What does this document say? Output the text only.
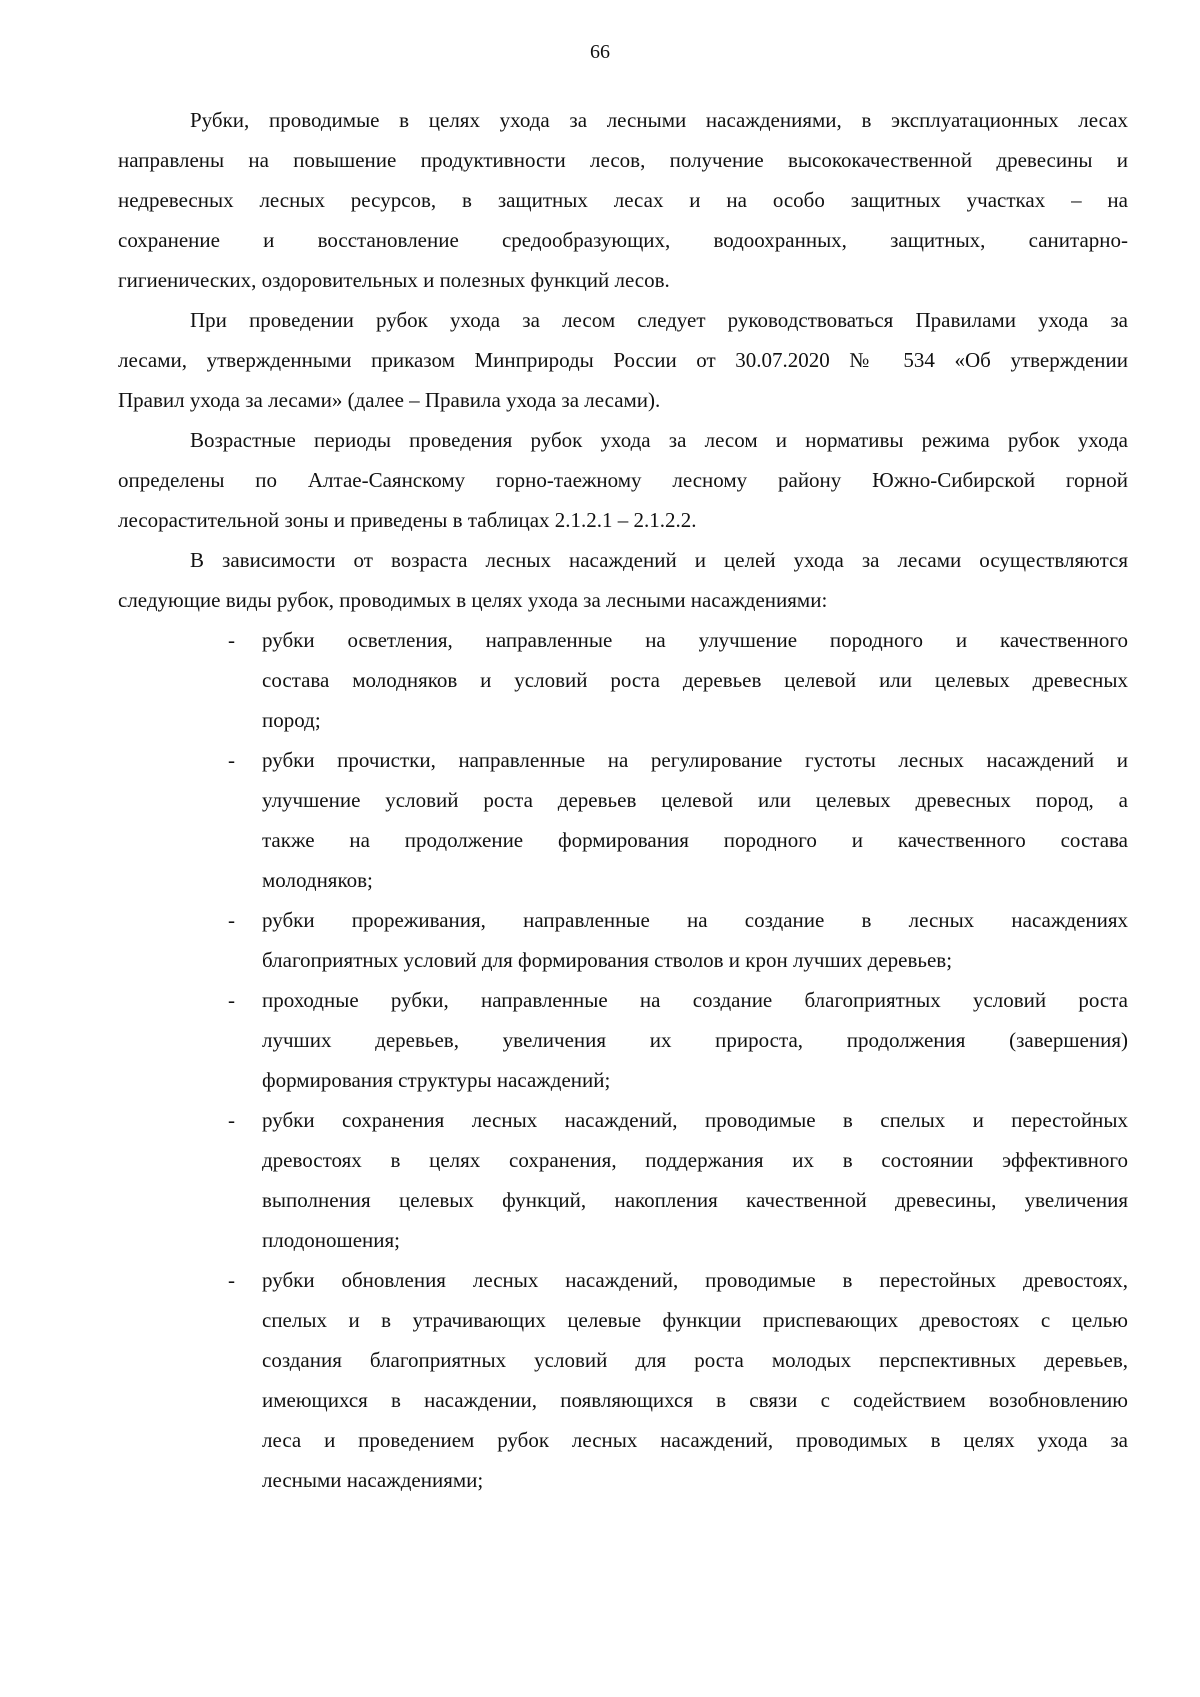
66
Рубки, проводимые в целях ухода за лесными насаждениями, в эксплуатационных лесах
направлены на повышение продуктивности лесов, получение высококачественной древесины и
недревесных лесных ресурсов, в защитных лесах и на особо защитных участках – на
сохранение и восстановление средообразующих, водоохранных, защитных, санитарно-
гигиенических, оздоровительных и полезных функций лесов.
При проведении рубок ухода за лесом следует руководствоваться Правилами ухода за
лесами, утвержденными приказом Минприроды России от 30.07.2020 № 534 «Об утверждении
Правил ухода за лесами» (далее – Правила ухода за лесами).
Возрастные периоды проведения рубок ухода за лесом и нормативы режима рубок ухода
определены по Алтае-Саянскому горно-таежному лесному району Южно-Сибирской горной
лесорастительной зоны и приведены в таблицах 2.1.2.1 – 2.1.2.2.
В зависимости от возраста лесных насаждений и целей ухода за лесами осуществляются
следующие виды рубок, проводимых в целях ухода за лесными насаждениями:
- рубки осветления, направленные на улучшение породного и качественного
состава молодняков и условий роста деревьев целевой или целевых древесных
пород;
- рубки прочистки, направленные на регулирование густоты лесных насаждений и
улучшение условий роста деревьев целевой или целевых древесных пород, а
также на продолжение формирования породного и качественного состава
молодняков;
- рубки прореживания, направленные на создание в лесных насаждениях
благоприятных условий для формирования стволов и крон лучших деревьев;
- проходные рубки, направленные на создание благоприятных условий роста
лучших деревьев, увеличения их прироста, продолжения (завершения)
формирования структуры насаждений;
- рубки сохранения лесных насаждений, проводимые в спелых и перестойных
древостоях в целях сохранения, поддержания их в состоянии эффективного
выполнения целевых функций, накопления качественной древесины, увеличения
плодоношения;
- рубки обновления лесных насаждений, проводимые в перестойных древостоях,
спелых и в утрачивающих целевые функции приспевающих древостоях с целью
создания благоприятных условий для роста молодых перспективных деревьев,
имеющихся в насаждении, появляющихся в связи с содействием возобновлению
леса и проведением рубок лесных насаждений, проводимых в целях ухода за
лесными насаждениями;
